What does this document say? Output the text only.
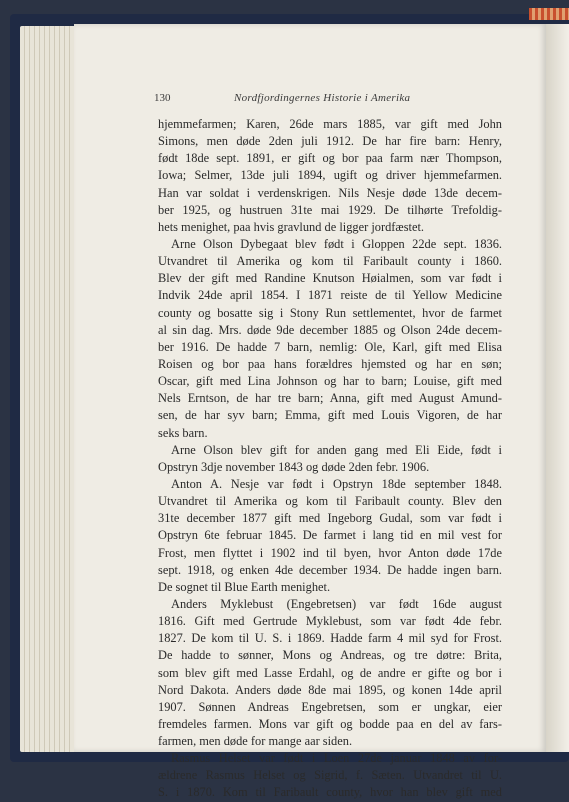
130	Nordfjordingernes Historie i Amerika
hjemmefarmen; Karen, 26de mars 1885, var gift med John
Simons, men døde 2den juli 1912. De har fire barn: Henry,
født 18de sept. 1891, er gift og bor paa farm nær Thompson,
Iowa; Selmer, 13de juli 1894, ugift og driver hjemmefarmen.
Han var soldat i verdenskrigen. Nils Nesje døde 13de decem-
ber 1925, og hustruen 31te mai 1929. De tilhørte Trefoldig-
hets menighet, paa hvis gravlund de ligger jordfæstet.
Arne Olson Dybegaat blev født i Gloppen 22de sept. 1836.
Utvandret til Amerika og kom til Faribault county i 1860.
Blev der gift med Randine Knutson Høialmen, som var født i
Indvik 24de april 1854. I 1871 reiste de til Yellow Medicine
county og bosatte sig i Stony Run settlementet, hvor de farmet
al sin dag. Mrs. døde 9de december 1885 og Olson 24de decem-
ber 1916. De hadde 7 barn, nemlig: Ole, Karl, gift med Elisa
Roisen og bor paa hans forældres hjemsted og har en søn;
Oscar, gift med Lina Johnson og har to barn; Louise, gift med
Nels Erntson, de har tre barn; Anna, gift med August Amund-
sen, de har syv barn; Emma, gift med Louis Vigoren, de har
seks barn.
Arne Olson blev gift for anden gang med Eli Eide, født i
Opstryn 3dje november 1843 og døde 2den febr. 1906.
Anton A. Nesje var født i Opstryn 18de september 1848.
Utvandret til Amerika og kom til Faribault county. Blev den
31te december 1877 gift med Ingeborg Gudal, som var født i
Opstryn 6te februar 1845. De farmet i lang tid en mil vest for
Frost, men flyttet i 1902 ind til byen, hvor Anton døde 17de
sept. 1918, og enken 4de december 1934. De hadde ingen barn.
De sognet til Blue Earth menighet.
Anders Myklebust (Engebretsen) var født 16de august
1816. Gift med Gertrude Myklebust, som var født 4de febr.
1827. De kom til U. S. i 1869. Hadde farm 4 mil syd for Frost.
De hadde to sønner, Mons og Andreas, og tre døtre: Brita,
som blev gift med Lasse Erdahl, og de andre er gifte og bor i
Nord Dakota. Anders døde 8de mai 1895, og konen 14de april
1907. Sønnen Andreas Engebretsen, som er ungkar, eier
fremdeles farmen. Mons var gift og bodde paa en del av fars-
farmen, men døde for mange aar siden.
Rasmus Helset var født i Loen 27de januar 1848 av for-
ældrene Rasmus Helset og Sigrid, f. Sæten. Utvandret til U.
S. i 1870. Kom til Faribault county, hvor han blev gift med
